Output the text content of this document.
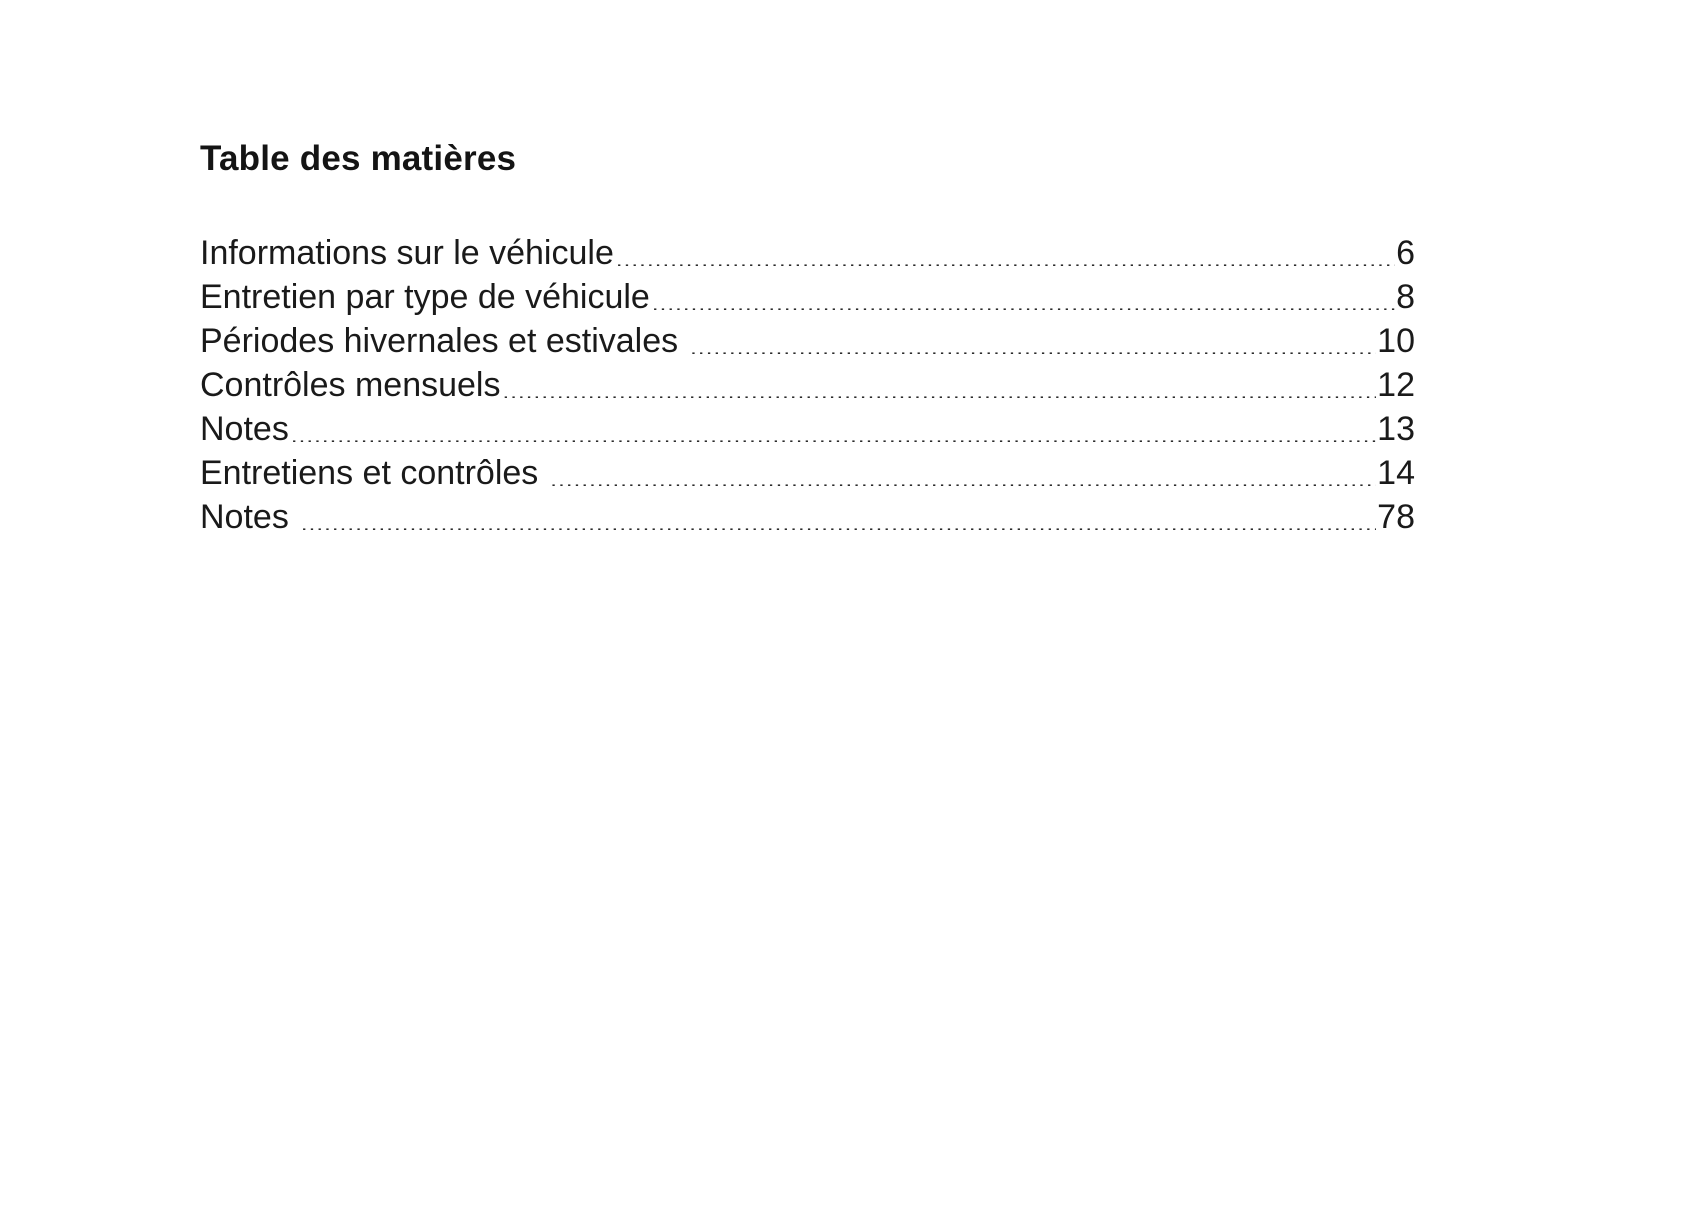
Table des matières
Informations sur le véhicule .....	6
Entretien par type de véhicule .....	8
Périodes hivernales et estivales .....	10
Contrôles mensuels .....	12
Notes .....	13
Entretiens et contrôles .....	14
Notes .....	78
